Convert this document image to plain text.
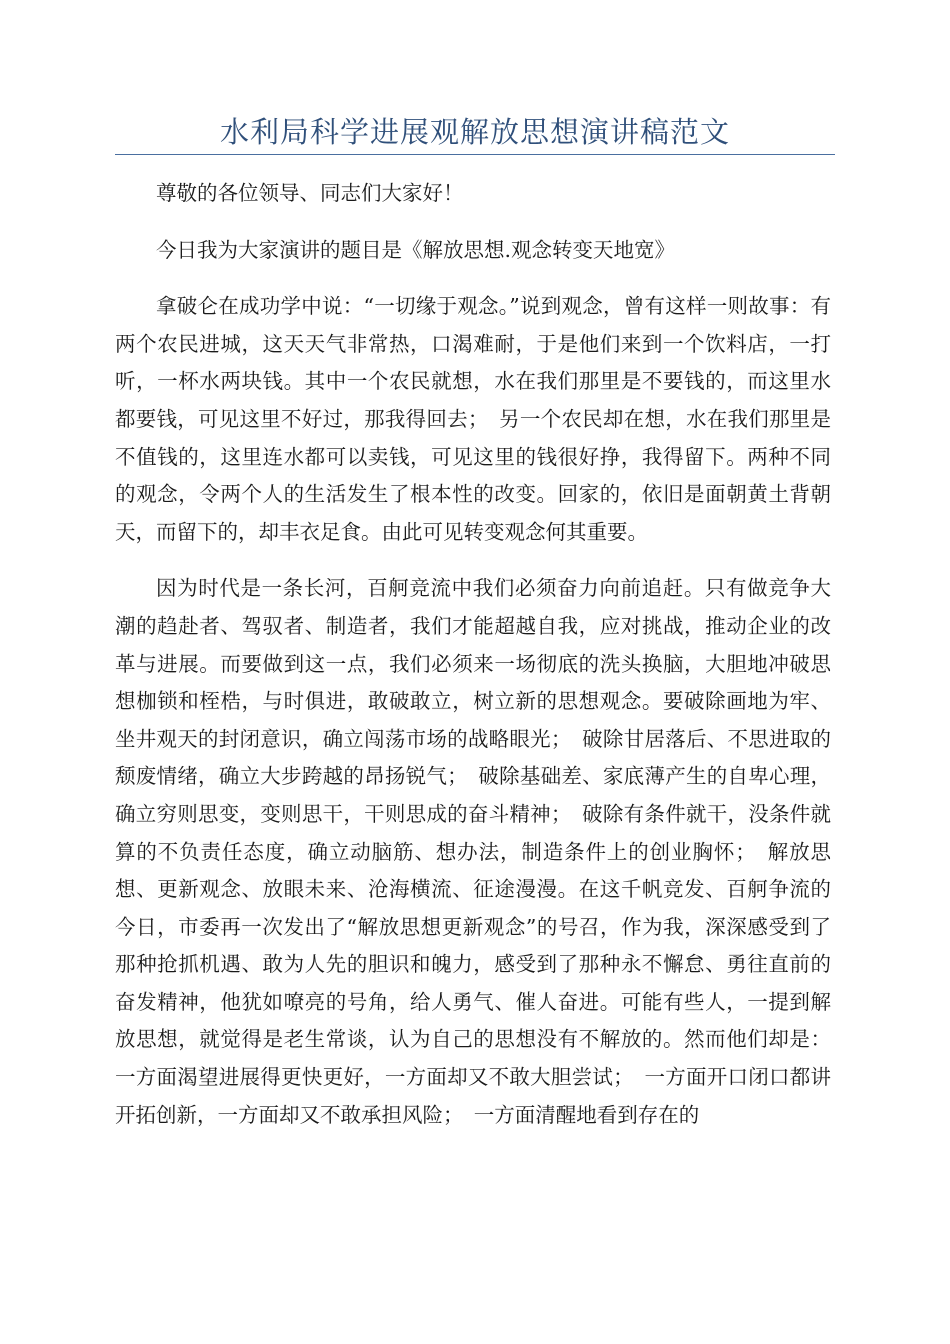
水利局科学进展观解放思想演讲稿范文

尊敬的各位领导、同志们大家好！

今日我为大家演讲的题目是《解放思想.观念转变天地宽》

拿破仑在成功学中说：“一切缘于观念。”说到观念，曾有这样一则故事：有两个农民进城，这天天气非常热，口渴难耐，于是他们来到一个饮料店，一打听，一杯水两块钱。其中一个农民就想，水在我们那里是不要钱的，而这里水都要钱，可见这里不好过，那我得回去；　另一个农民却在想，水在我们那里是不值钱的，这里连水都可以卖钱，可见这里的钱很好挣，我得留下。两种不同的观念，令两个人的生活发生了根本性的改变。回家的，依旧是面朝黄土背朝天，而留下的，却丰衣足食。由此可见转变观念何其重要。

因为时代是一条长河，百舸竞流中我们必须奋力向前追赶。只有做竞争大潮的趋赴者、驾驭者、制造者，我们才能超越自我，应对挑战，推动企业的改革与进展。而要做到这一点，我们必须来一场彻底的洗头换脑，大胆地冲破思想枷锁和桎梏，与时俱进，敢破敢立，树立新的思想观念。要破除画地为牢、坐井观天的封闭意识，确立闯荡市场的战略眼光；　破除甘居落后、不思进取的颓废情绪，确立大步跨越的昂扬锐气；　破除基础差、家底薄产生的自卑心理，确立穷则思变，变则思干，干则思成的奋斗精神；　破除有条件就干，没条件就算的不负责任态度，确立动脑筋、想办法，制造条件上的创业胸怀；　解放思想、更新观念、放眼未来、沧海横流、征途漫漫。在这千帆竞发、百舸争流的今日，市委再一次发出了“解放思想更新观念”的号召，作为我，深深感受到了那种抢抓机遇、敢为人先的胆识和魄力，感受到了那种永不懈怠、勇往直前的奋发精神，他犹如嘹亮的号角，给人勇气、催人奋进。可能有些人，一提到解放思想，就觉得是老生常谈，认为自己的思想没有不解放的。然而他们却是：一方面渴望进展得更快更好，一方面却又不敢大胆尝试；　一方面开口闭口都讲开拓创新，一方面却又不敢承担风险；　一方面清醒地看到存在的
